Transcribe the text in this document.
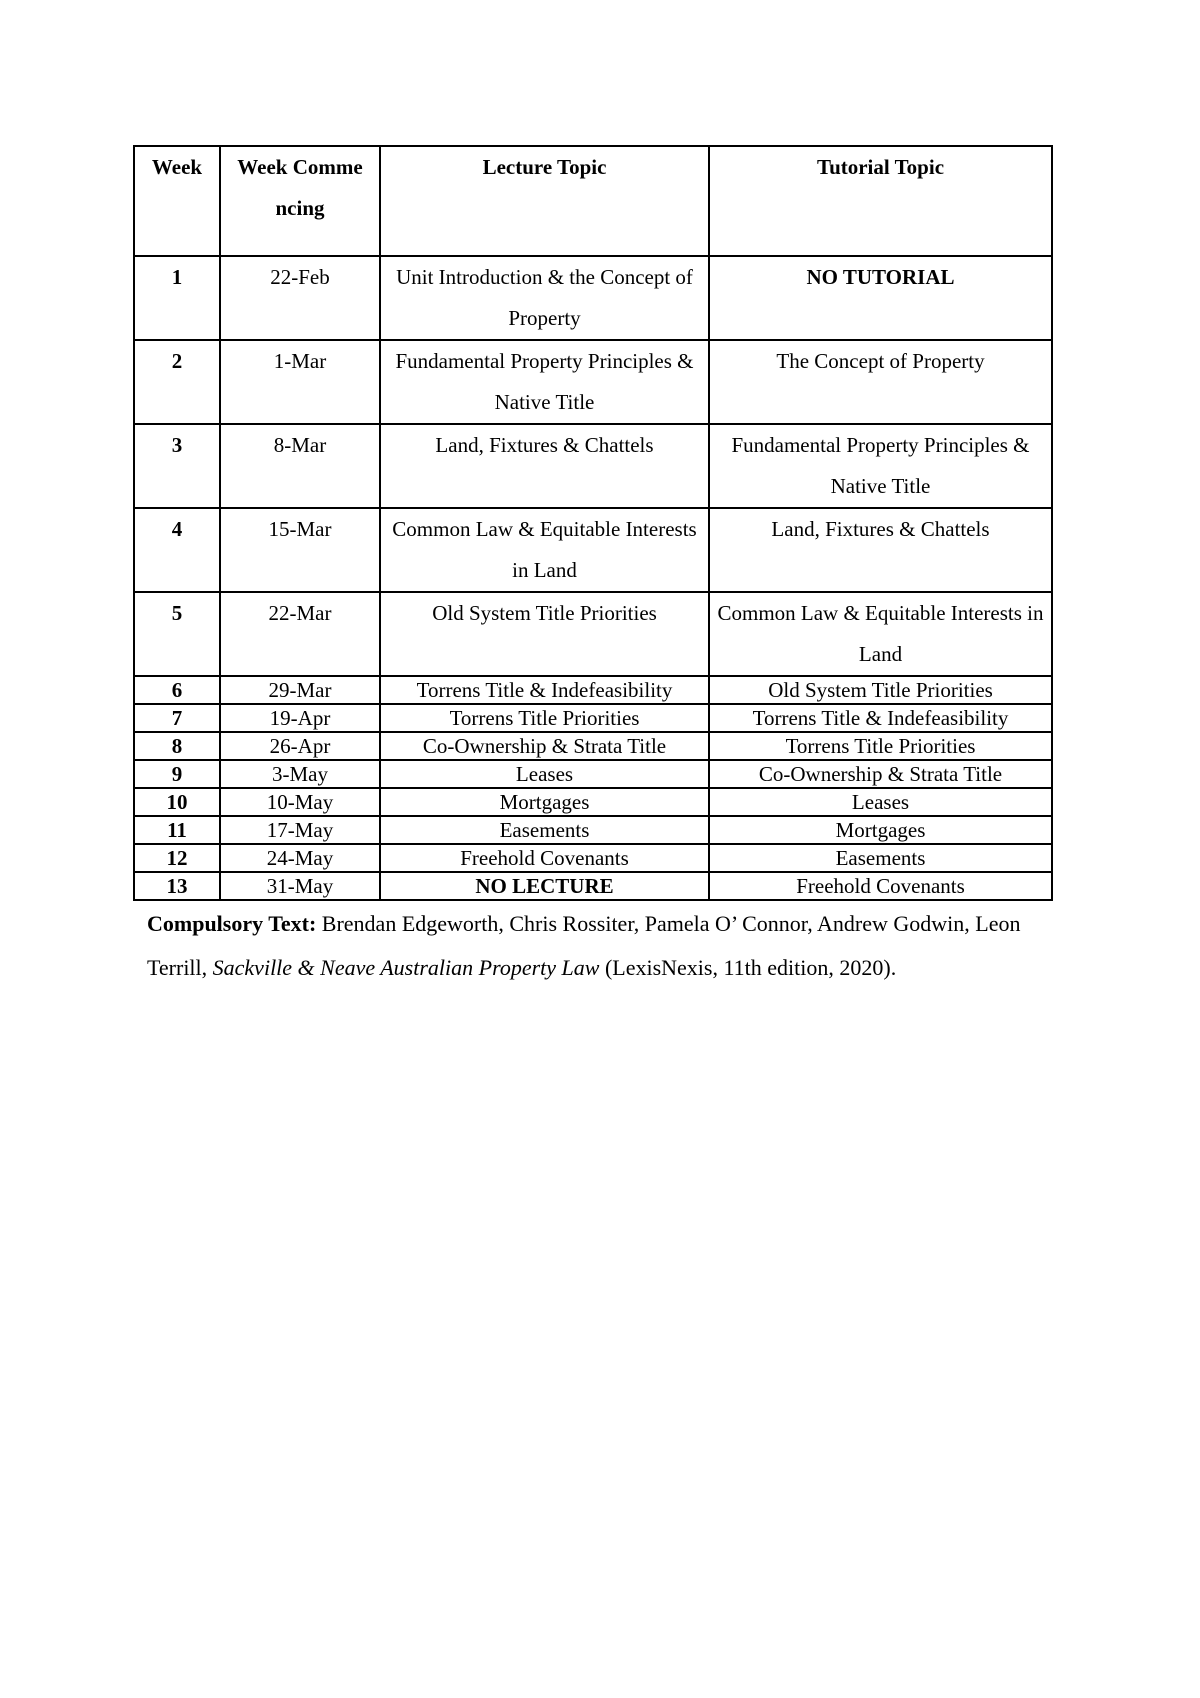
Week	Week Commencing	Lecture Topic	Tutorial Topic
1	22-Feb	Unit Introduction & the Concept of Property	NO TUTORIAL
2	1-Mar	Fundamental Property Principles & Native Title	The Concept of Property
3	8-Mar	Land, Fixtures & Chattels	Fundamental Property Principles & Native Title
4	15-Mar	Common Law & Equitable Interests in Land	Land, Fixtures & Chattels
5	22-Mar	Old System Title Priorities	Common Law & Equitable Interests in Land
6	29-Mar	Torrens Title & Indefeasibility	Old System Title Priorities
7	19-Apr	Torrens Title Priorities	Torrens Title & Indefeasibility
8	26-Apr	Co-Ownership & Strata Title	Torrens Title Priorities
9	3-May	Leases	Co-Ownership & Strata Title
10	10-May	Mortgages	Leases
11	17-May	Easements	Mortgages
12	24-May	Freehold Covenants	Easements
13	31-May	NO LECTURE	Freehold Covenants

Compulsory Text: Brendan Edgeworth, Chris Rossiter, Pamela O’ Connor, Andrew Godwin, Leon Terrill, Sackville & Neave Australian Property Law (LexisNexis, 11th edition, 2020).
